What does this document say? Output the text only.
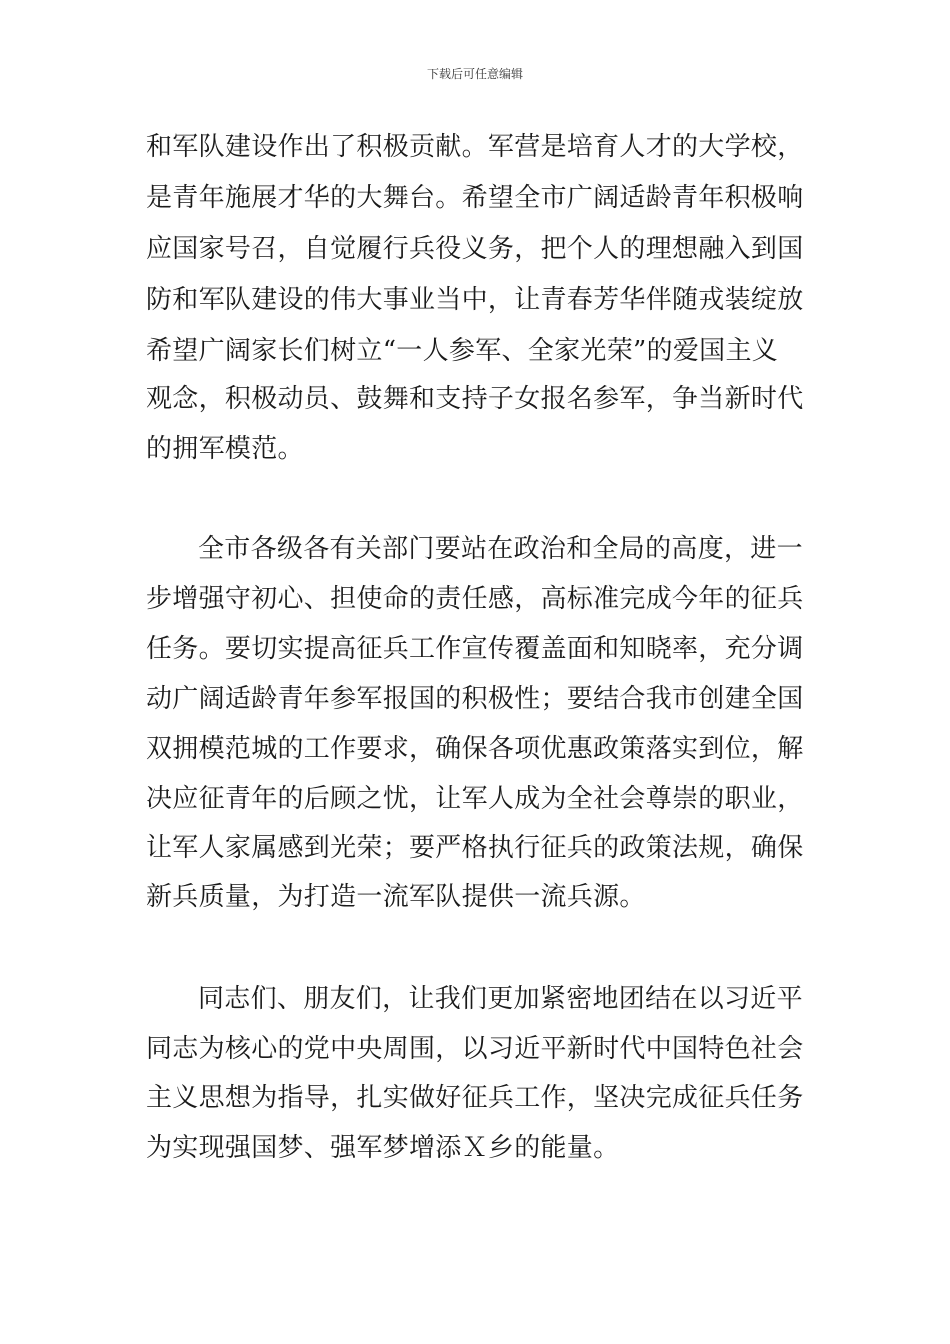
下载后可任意编辑
和军队建设作出了积极贡献。军营是培育人才的大学校，
是青年施展才华的大舞台。希望全市广阔适龄青年积极响
应国家号召，自觉履行兵役义务，把个人的理想融入到国
防和军队建设的伟大事业当中，让青春芳华伴随戎装绽放
希望广阔家长们树立“一人参军、全家光荣”的爱国主义
观念，积极动员、鼓舞和支持子女报名参军，争当新时代
的拥军模范。
全市各级各有关部门要站在政治和全局的高度，进一
步增强守初心、担使命的责任感，高标准完成今年的征兵
任务。要切实提高征兵工作宣传覆盖面和知晓率，充分调
动广阔适龄青年参军报国的积极性；要结合我市创建全国
双拥模范城的工作要求，确保各项优惠政策落实到位，解
决应征青年的后顾之忧，让军人成为全社会尊崇的职业，
让军人家属感到光荣；要严格执行征兵的政策法规，确保
新兵质量，为打造一流军队提供一流兵源。
同志们、朋友们，让我们更加紧密地团结在以习近平
同志为核心的党中央周围，以习近平新时代中国特色社会
主义思想为指导，扎实做好征兵工作，坚决完成征兵任务
为实现强国梦、强军梦增添Ｘ乡的能量。
